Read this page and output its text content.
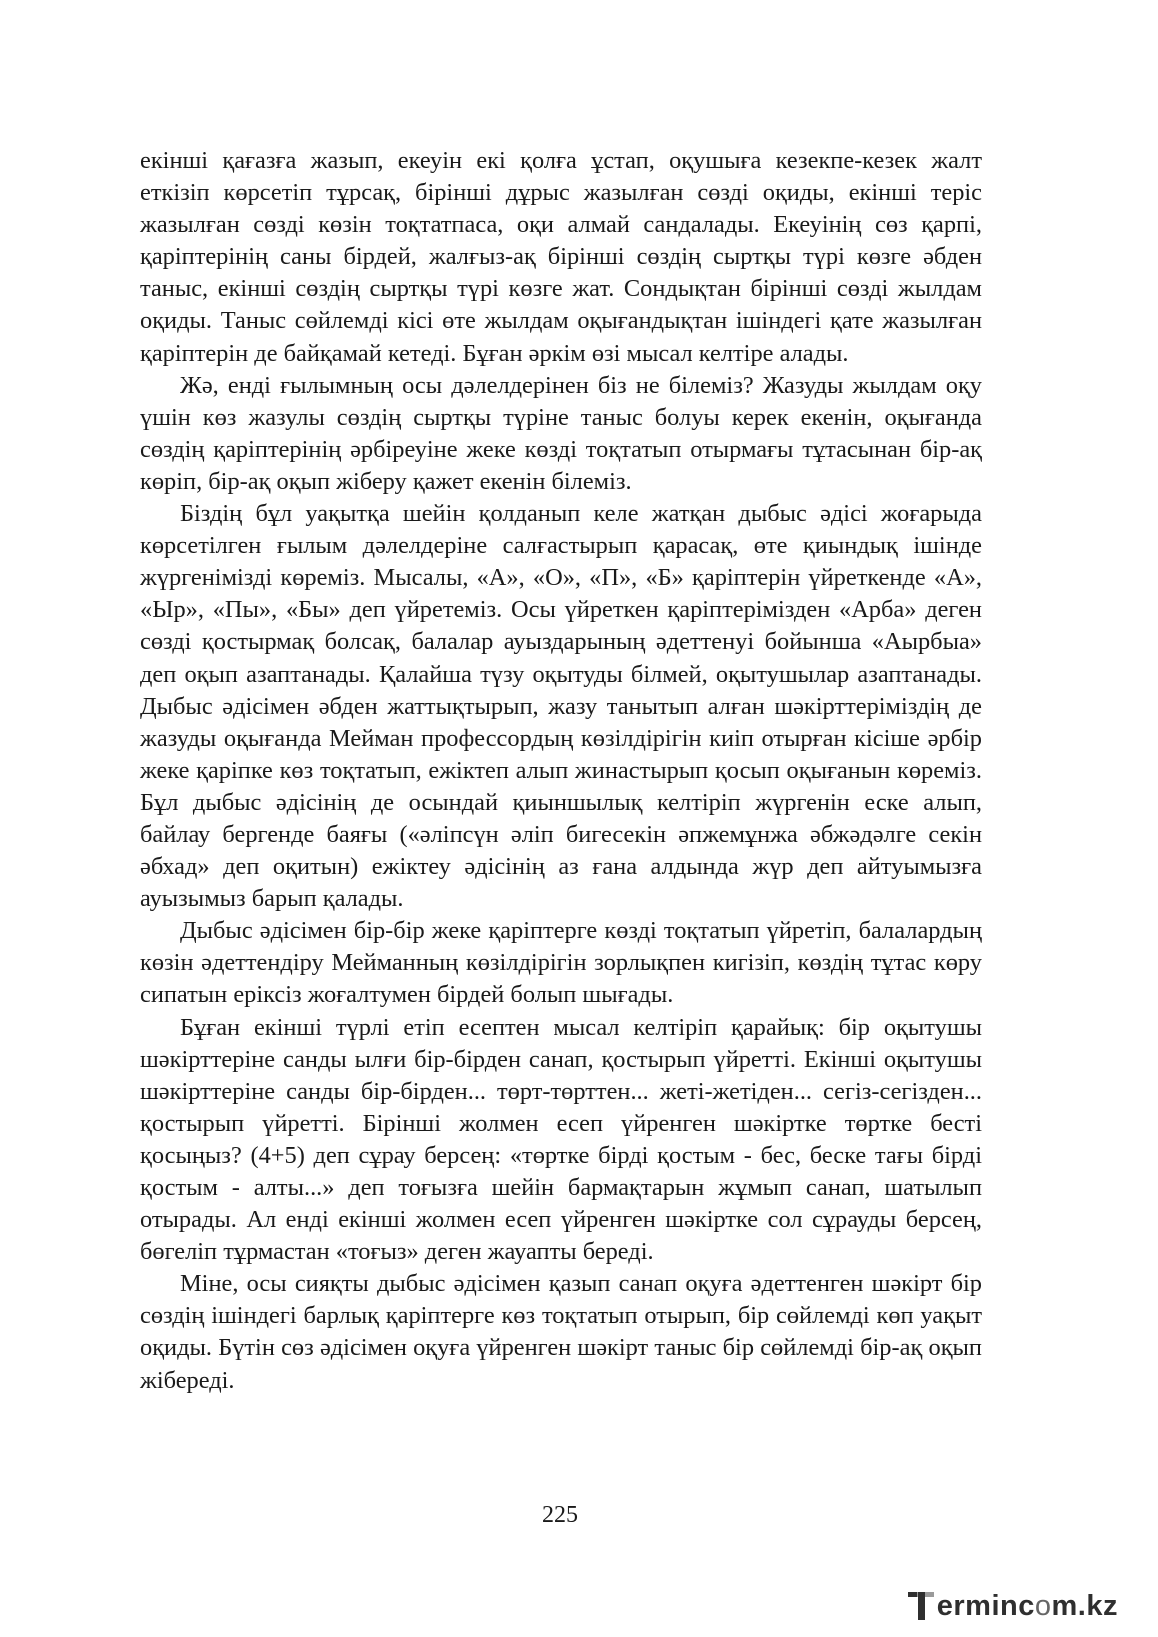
екінші қағазға жазып, екеуін екі қолға ұстап, оқушыға кезекпе-кезек жалт еткізіп көрсетіп тұрсақ, бірінші дұрыс жазылған сөзді оқиды, екінші теріс жазылған сөзді көзін тоқтатпаса, оқи алмай сандалады. Екеуінің сөз қарпі, қаріптерінің саны бірдей, жалғыз-ақ бірінші сөздің сыртқы түрі көзге әбден таныс, екінші сөздің сыртқы түрі көзге жат. Сондықтан бірінші сөзді жылдам оқиды. Таныс сөйлемді кісі өте жылдам оқығандықтан ішіндегі қате жазылған қаріптерін де байқамай кетеді. Бұған әркім өзі мысал келтіре алады.

Жә, енді ғылымның осы дәлелдерінен біз не білеміз? Жазуды жылдам оқу үшін көз жазулы сөздің сыртқы түріне таныс болуы керек екенін, оқығанда сөздің қаріптерінің әрбіреуіне жеке көзді тоқтатып отырмағы тұтасынан бір-ақ көріп, бір-ақ оқып жіберу қажет екенін білеміз.

Біздің бұл уақытқа шейін қолданып келе жатқан дыбыс әдісі жоғарыда көрсетілген ғылым дәлелдеріне салғастырып қарасақ, өте қиындық ішінде жүргенімізді көреміз. Мысалы, «А», «О», «П», «Б» қаріптерін үйреткенде «А», «Ыр», «Пы», «Бы» деп үйретеміз. Осы үйреткен қаріптерімізден «Арба» деген сөзді қостырмақ болсақ, балалар ауыздарының әдеттенуі бойынша «Аырбыа» деп оқып азаптанады. Қалайша түзу оқытуды білмей, оқытушылар азаптанады. Дыбыс әдісімен әбден жаттықтырып, жазу танытып алған шәкірттеріміздің де жазуды оқығанда Мейман профессордың көзілдірігін киіп отырған кісіше әрбір жеке қаріпке көз тоқтатып, ежіктеп алып жинастырып қосып оқығанын көреміз. Бұл дыбыс әдісінің де осындай қиыншылық келтіріп жүргенін еске алып, байлау бергенде баяғы («әліпсүн әліп бигесекін әпжемұнжа әбжәдәлге секін әбхад» деп оқитын) ежіктеу әдісінің аз ғана алдында жүр деп айтуымызға ауызымыз барып қалады.

Дыбыс әдісімен бір-бір жеке қаріптерге көзді тоқтатып үйретіп, балалардың көзін әдеттендіру Мейманның көзілдірігін зорлықпен кигізіп, көздің тұтас көру сипатын еріксіз жоғалтумен бірдей болып шығады.

Бұған екінші түрлі етіп есептен мысал келтіріп қарайық: бір оқытушы шәкірттеріне санды ылғи бір-бірден санап, қостырып үйретті. Екінші оқытушы шәкірттеріне санды бір-бірден... төрт-төрттен... жеті-жетіден... сегіз-сегізден... қостырып үйретті. Бірінші жолмен есеп үйренген шәкіртке төртке бесті қосыңыз? (4+5) деп сұрау берсең: «төртке бірді қостым - бес, беске тағы бірді қостым - алты...» деп тоғызға шейін бармақтарын жұмып санап, шатылып отырады. Ал енді екінші жолмен есеп үйренген шәкіртке сол сұрауды берсең, бөгеліп тұрмастан «тоғыз» деген жауапты береді.

Міне, осы сияқты дыбыс әдісімен қазып санап оқуға әдеттенген шәкірт бір сөздің ішіндегі барлық қаріптерге көз тоқтатып отырып, бір сөйлемді көп уақыт оқиды. Бүтін сөз әдісімен оқуға үйренген шәкірт таныс бір сөйлемді бір-ақ оқып жібереді.

225
erminc o m.kz
